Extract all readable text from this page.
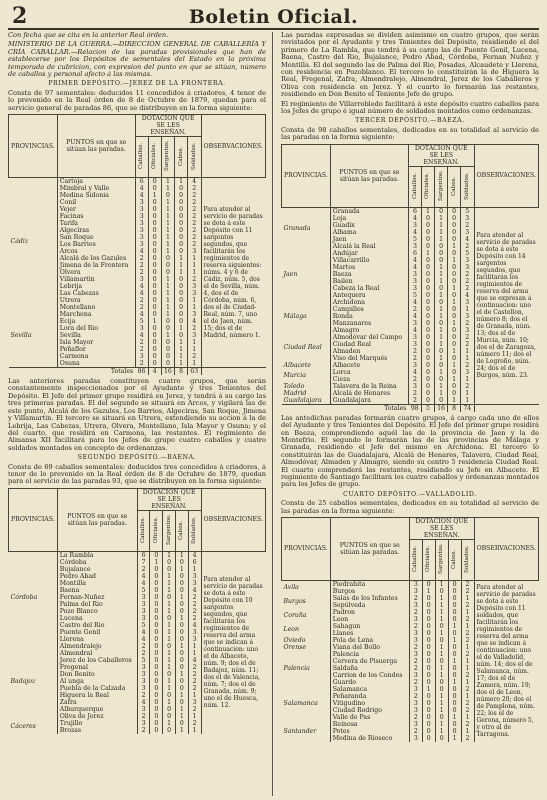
2	Boletin Oficial.

Con fecha que se cita en la anterior Real órden.

MINISTERIO DE LA GUERRA.—DIRECCION GENERAL DE CABALLERÍA Y CRÍA CABALLAR.—Relacion de las paradas provisionales que han de establecerse por los Depósitos de sementales del Estado en la próxima temporada de cubricion, con expresion del punto en que se sitúan, número de caballos y personal afecto á las mismas.

PRIMER DEPÓSITO.—JEREZ DE LA FRONTERA.

Consta de 97 sementales: deducidos 11 concedidos á criadores, 4 tenor de lo prevenido en la Real órden de 8 de Octubre de 1879, quedan para el servicio general de paradas 86, que se distribuyen en la forma siguiente:

PROVINCIAS.	PUNTOS en que se sitúan las paradas.	DOTACION QUE SE LES ENSEÑAN.					OBSERVACIONES.
		Caballos.	Oficiales.	Sargentos.	Cabos.	Soldados.	
Cádiz	Cartoja	6	0	1	1	4	Para atender al servicio de paradas se dota á este Depósito con 11 sargentos segundos, que facilitarán los regimientos de reserva siguientes: núms. 4 y 6 de Cádiz, núm. 5, dos el de Sevilla, núm. 4, dos el de Córdoba, núm. 6, dos el de Ciudad-Real, núm. 7, uno el de Jaen, núm. 15; dos el de Madrid, número 1.
	Mimbral y Valle	4	0	1	0	2	
	Medina Sidonia	4	1	0	0	2	
	Conil	3	0	1	0	2	
	Vejer	3	0	1	0	2	
	Facinas	3	0	1	0	2	
	Tarifa	3	0	1	0	2	
	Algeciras	3	0	1	0	2	
	San Roque	3	0	1	0	2	
	Los Barrios	3	0	1	0	2	
	Arcos	4	0	1	0	3	
	Alcalá de los Gazules	2	0	0	1	1	
	Jimena de la Frontera	2	0	0	1	1	
	Olvera	2	0	0	1	1	
	Villamartin	3	0	1	0	2	
	Lebrija	4	0	1	0	3	
	Las Cabezas	4	0	1	0	3	
	Utrera	2	0	1	0	1	
Sevilla	Montellano	2	0	1	0	1	
	Marchena	4	0	1	0	3	
	Ecija	5	1	0	0	4	
	Lora del Rio	3	0	0	1	2	
	Sevilla	4	0	1	0	3	
	Isla Mayor	2	0	0	1	1	
	Peñaflor	2	0	0	1	1	
	Carmona	3	0	0	1	2	
	Osuna	2	0	0	1	1	
Totales		86	4	16	8	63	

Las anteriores paradas constituyen cuatro grupos, que serán constantemente inspeccionados por el Ayudante y tres Tenientes del Depósito. El Jefe del primer grupo residirá en Jerez, y tendrá á su cargo las tres primeras paradas. El del segundo se situará en Arcos, y vigilará las de este punto, Alcalá de los Gazules, Los Barrios, Algeciras, San Roque, Jimena y Villamartin. El tercero se situará en Utrera, extendiendo su accion á la de Lebrija, Las Cabezas, Utrera, Olvera, Montellano, Isla Mayor y Osuna; y el del cuarto, que residirá en Carmona, las restantes. El regimiento de Almansa XII facilitará para los Jefes de grupo cuatro caballos y cuatro soldados montados en concepto de ordenanzas.

SEGUNDO DEPÓSITO.—BAENA.

Consta de 69 caballos sementales: deducidos tres concedidos á criadores, á tenor de lo prevenido en la Real órden de 8 de Octubre de 1879, quedan para el servicio de las paradas 93, que se distribuyen en la forma siguiente:

PROVINCIAS.	PUNTOS en que se sitúan las paradas.	DOTACION QUE SE LES ENSEÑAN.					OBSERVACIONES.
		Caballos.	Oficiales.	Sargentos.	Cabos.	Soldados.	
Córdoba	La Rambla	6	0	1	1	4	Para atender al servicio de paradas se dota á este Depósito con 10 sargentos segundos, que facilitarán los regimientos de reserva del arma que se indican á continuacion: uno el de Albacete, núm. 9; dos el de Badajoz, núm. 11; dos el de Valencia, núm. 7; dos el de Granada, núm. 9; uno el de Huesca, núm. 12.
	Córdoba	7	1	0	0	6	
	Bujalance	2	0	0	1	1	
	Pedro Abad	4	0	1	0	3	
	Montilla	4	0	1	0	3	
	Baena	5	0	1	0	4	
	Fernan-Nuñez	3	0	0	1	2	
	Palma del Rio	3	0	1	0	2	
	Pozo Blanco	3	0	1	0	2	
	Lucena	3	0	0	1	2	
	Castro del Rio	5	0	1	0	4	
	Puente Genil	4	0	1	0	3	
	Llerena	4	0	1	0	3	
Badajoz	Almendralejo	2	0	0	1	1	
	Almendral	2	0	1	0	1	
	Jerez de los Caballeros	5	0	1	0	4	
	Fregenal	3	0	1	0	2	
	Don Benito	3	0	0	1	2	
	Al unga	3	0	1	0	2	
	Puebla de la Calzada	3	0	1	0	2	
	Higuera la Real	2	0	0	1	1	
	Zafra	4	0	1	0	3	
	Alburquerque	3	0	0	1	2	
	Oliva de Jerez	2	0	0	1	1	
Cáceres	Trujillo	3	0	1	0	2	
	Brozas	2	0	0	1	1	

Las paradas expresadas se dividen asimismo en cuatro grupos, que serán revistados por el Ayudante y tres Tenientes del Depósito, residiendo el del primero de La Rambla, que tendrá á su cargo las de Puente Genil, Lucena, Baena, Castro del Rio, Bujalance, Pedro Abad, Córdoba, Fernan Nuñez y Montilla. El del segundo las de Palma del Rio, Posadas, Alcaudete y Llerena, con residencia en Pozoblanco. El tercero lo constituirán la de Higuera la Real, Fregenal, Zafra, Almendralejo, Almendral, Jerez de los Caballeros y Oliva con residencia en Jerez. Y el cuarto lo formarán las restantes, residiendo en Don Benito el Teniente Jefe de grupo.

El regimiento de Villarrobledo facilitará á este depósito cuatro caballos para los Jefes de grupo é igual número de soldados montados como ordenanzas.

TERCER DEPÓSITO.—BAEZA.

Consta de 98 caballos sementales, dedicados en su totalidad al servicio de las paradas en la forma siguiente:

PROVINCIAS.	PUNTOS en que se sitúan las paradas.	DOTACION QUE SE LES ENSEÑAN.					OBSERVACIONES.
		Caballos.	Oficiales.	Sargentos.	Cabos.	Soldados.	
Granada	Granada	6	1	0	0	5	Para atender al servicio de paradas se dota á este Depósito con 14 sargentos segundos, que facilitarán los regimientos de reserva del arma que se expresan á continuacion: uno el de Castellon, número 8; dos el de Granada, núm. 13; dos el de Murcia, núm. 10; dos el de Zaragoza, número 11; dos el de Logroño, núm. 24; dos el de Burgos, núm. 23.
	Loja	4	0	1	0	3	
	Guadix	3	0	1	0	2	
	Alhama	4	0	1	0	3	
	Jaen	5	0	1	0	4	
	Alcalá la Real	3	0	0	1	2	
Jaen	Andújar	6	1	0	0	5	
	Villacarrillo	4	0	0	1	3	
	Martos	4	0	1	0	3	
	Baeza	3	0	1	0	2	
	Bailen	3	0	1	0	2	
	Cabeza la Real	3	0	0	1	2	
	Antequera	5	0	1	0	4	
Málaga	Archidona	4	0	0	1	3	
	Campillos	2	0	1	0	1	
	Ronda	4	0	1	0	3	
	Manzanares	3	0	0	1	2	
	Almagro	4	0	1	0	3	
Ciudad Real	Almodóvar del Campo	3	0	1	0	2	
	Ciudad Real	3	0	1	0	2	
	Almaden	2	0	0	1	1	
	Viso del Marqués	2	0	1	0	1	
Albacete	Albacete	3	0	0	1	2	
Murcia	Lorca	4	0	1	0	3	
	Cieza	2	0	0	1	1	
Toledo	Talavera de la Reina	3	0	1	0	2	
Madrid	Alcalá de Henares	2	0	1	0	1	
Guadalajara	Guadalajara	2	0	0	1	1	
Totales		98	5	16	8	74	

Las antedichas paradas formarán cuatro grupos, á cargo cada uno de ellos del Ayudante y tres Tenientes del Depósito. El Jefe del primer grupo residirá en Baeza, comprendiendo aquél las de la provincia de Jaen y la de Montefrio. El segundo lo formarán las de las provincias de Málaga y Granada, residiendo el Jefe del mismo en Archidona. El tercero lo constituirán las de Guadalajara, Alcalá de Henares, Talavera, Ciudad Real, Almodóvar, Almaden y Almagro, siendo su centro 5 residencia Ciudad Real. El cuarto comprenderá las restantes, residiendo su Jefe en Albacete. El regimiento de Santiago facilitará los cuatro caballos y ordenanzas montados para los Jefes de grupo.

CUARTO DEPÓSITO.—VALLADOLID.

Consta de 25 caballos sementales, dedicados en su totalidad al servicio de las paradas en la forma siguiente:

PROVINCIAS.	PUNTOS en que se sitúan las paradas.	DOTACION QUE SE LES ENSEÑAN.					OBSERVACIONES.
		Caballos.	Oficiales.	Sargentos.	Cabos.	Soldados.	
Avila	Piedrahita	3	0	1	0	2	Para atender al servicio de paradas se dota á este Depósito con 11 soldados, que facilitarán los regimientos de reserva del arma que se indican á continuacion: uno el de Valladolid, núm. 14; dos el de Salamanca, núm. 17; dos el de Zamora, núm. 19; dos el de Leon, número 20; dos el de Pamplona, núm. 22; los el de Gerona, número 5, y otro al de Tarragona.
	Burgos	3	1	0	0	2	
Burgos	Salas de los Infantes	2	0	1	0	1	
	Sepúlveda	3	0	1	0	2	
Coruña	Padron	2	0	1	0	1	
	Leon	3	0	1	0	2	
Leon	Sahagun	2	0	0	1	1	
	Llanes	3	0	1	0	2	
Oviedo	Pola de Lena	3	0	0	1	2	
Orense	Viana del Bollo	2	0	1	0	1	
Palencia	Palencia	3	0	1	0	2	
	Cervera de Pisuerga	2	0	0	1	1	
	Saldaña	2	0	1	0	1	
	Carrion de los Condes	3	0	1	0	2	
	Guardo	2	0	0	1	1	
Salamanca	Salamanca	3	1	0	0	2	
	Peñaranda	2	0	1	0	1	
	Vitigudino	3	0	1	0	2	
	Ciudad Rodrigo	3	0	1	0	2	
	Valle de Pas	2	0	0	1	1	
Santander	Reinosa	3	0	1	0	2	
	Potes	2	0	1	0	1	
	Medina de Rioseco	3	0	0	1	2	
